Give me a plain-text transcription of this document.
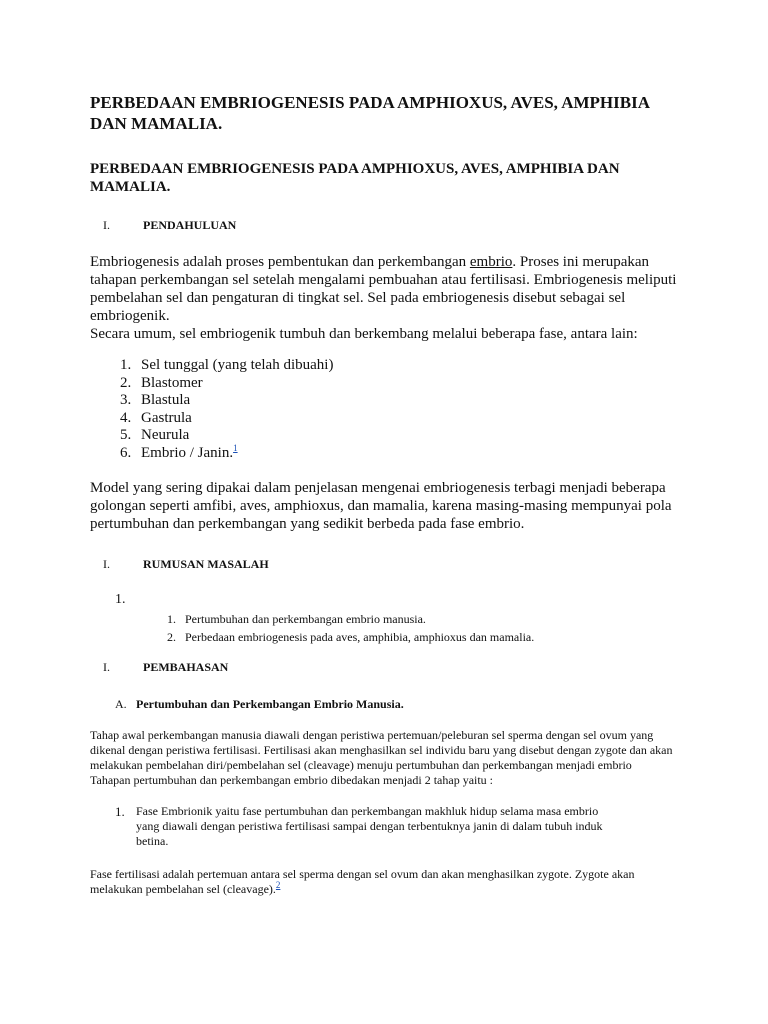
PERBEDAAN EMBRIOGENESIS PADA AMPHIOXUS, AVES, AMPHIBIA DAN MAMALIA.
PERBEDAAN EMBRIOGENESIS PADA AMPHIOXUS, AVES, AMPHIBIA DAN MAMALIA.
I.	PENDAHULUAN

Embriogenesis adalah proses pembentukan dan perkembangan embrio. Proses ini merupakan tahapan perkembangan sel setelah mengalami pembuahan atau fertilisasi. Embriogenesis meliputi pembelahan sel dan pengaturan di tingkat sel. Sel pada embriogenesis disebut sebagai sel embriogenik.

Secara umum, sel embriogenik tumbuh dan berkembang melalui beberapa fase, antara lain:

1. Sel tunggal (yang telah dibuahi)
2. Blastomer
3. Blastula
4. Gastrula
5. Neurula
6. Embrio / Janin.$^1$

Model yang sering dipakai dalam penjelasan mengenai embriogenesis terbagi menjadi beberapa golongan seperti amfibi, aves, amphioxus, dan mamalia, karena masing-masing mempunyai pola pertumbuhan dan perkembangan yang sedikit berbeda pada fase embrio.

I.	RUMUSAN MASALAH
1.
1. Pertumbuhan dan perkembangan embrio manusia.
2. Perbedaan embriogenesis pada aves, amphibia, amphioxus dan mamalia.
I.	PEMBAHASAN
A. Pertumbuhan dan Perkembangan Embrio Manusia.

Tahap awal perkembangan manusia diawali dengan peristiwa pertemuan/peleburan sel sperma dengan sel ovum yang dikenal dengan peristiwa fertilisasi. Fertilisasi akan menghasilkan sel individu baru yang disebut dengan zygote dan akan melakukan pembelahan diri/pembelahan sel (cleavage) menuju pertumbuhan dan perkembangan menjadi embrio

Tahapan pertumbuhan dan perkembangan embrio dibedakan menjadi 2 tahap yaitu :

1. Fase Embrionik yaitu fase pertumbuhan dan perkembangan makhluk hidup selama masa embrio yang diawali dengan peristiwa fertilisasi sampai dengan terbentuknya janin di dalam tubuh induk betina.

Fase fertilisasi adalah pertemuan antara sel sperma dengan sel ovum dan akan menghasilkan zygote. Zygote akan melakukan pembelahan sel (cleavage).$^2$
